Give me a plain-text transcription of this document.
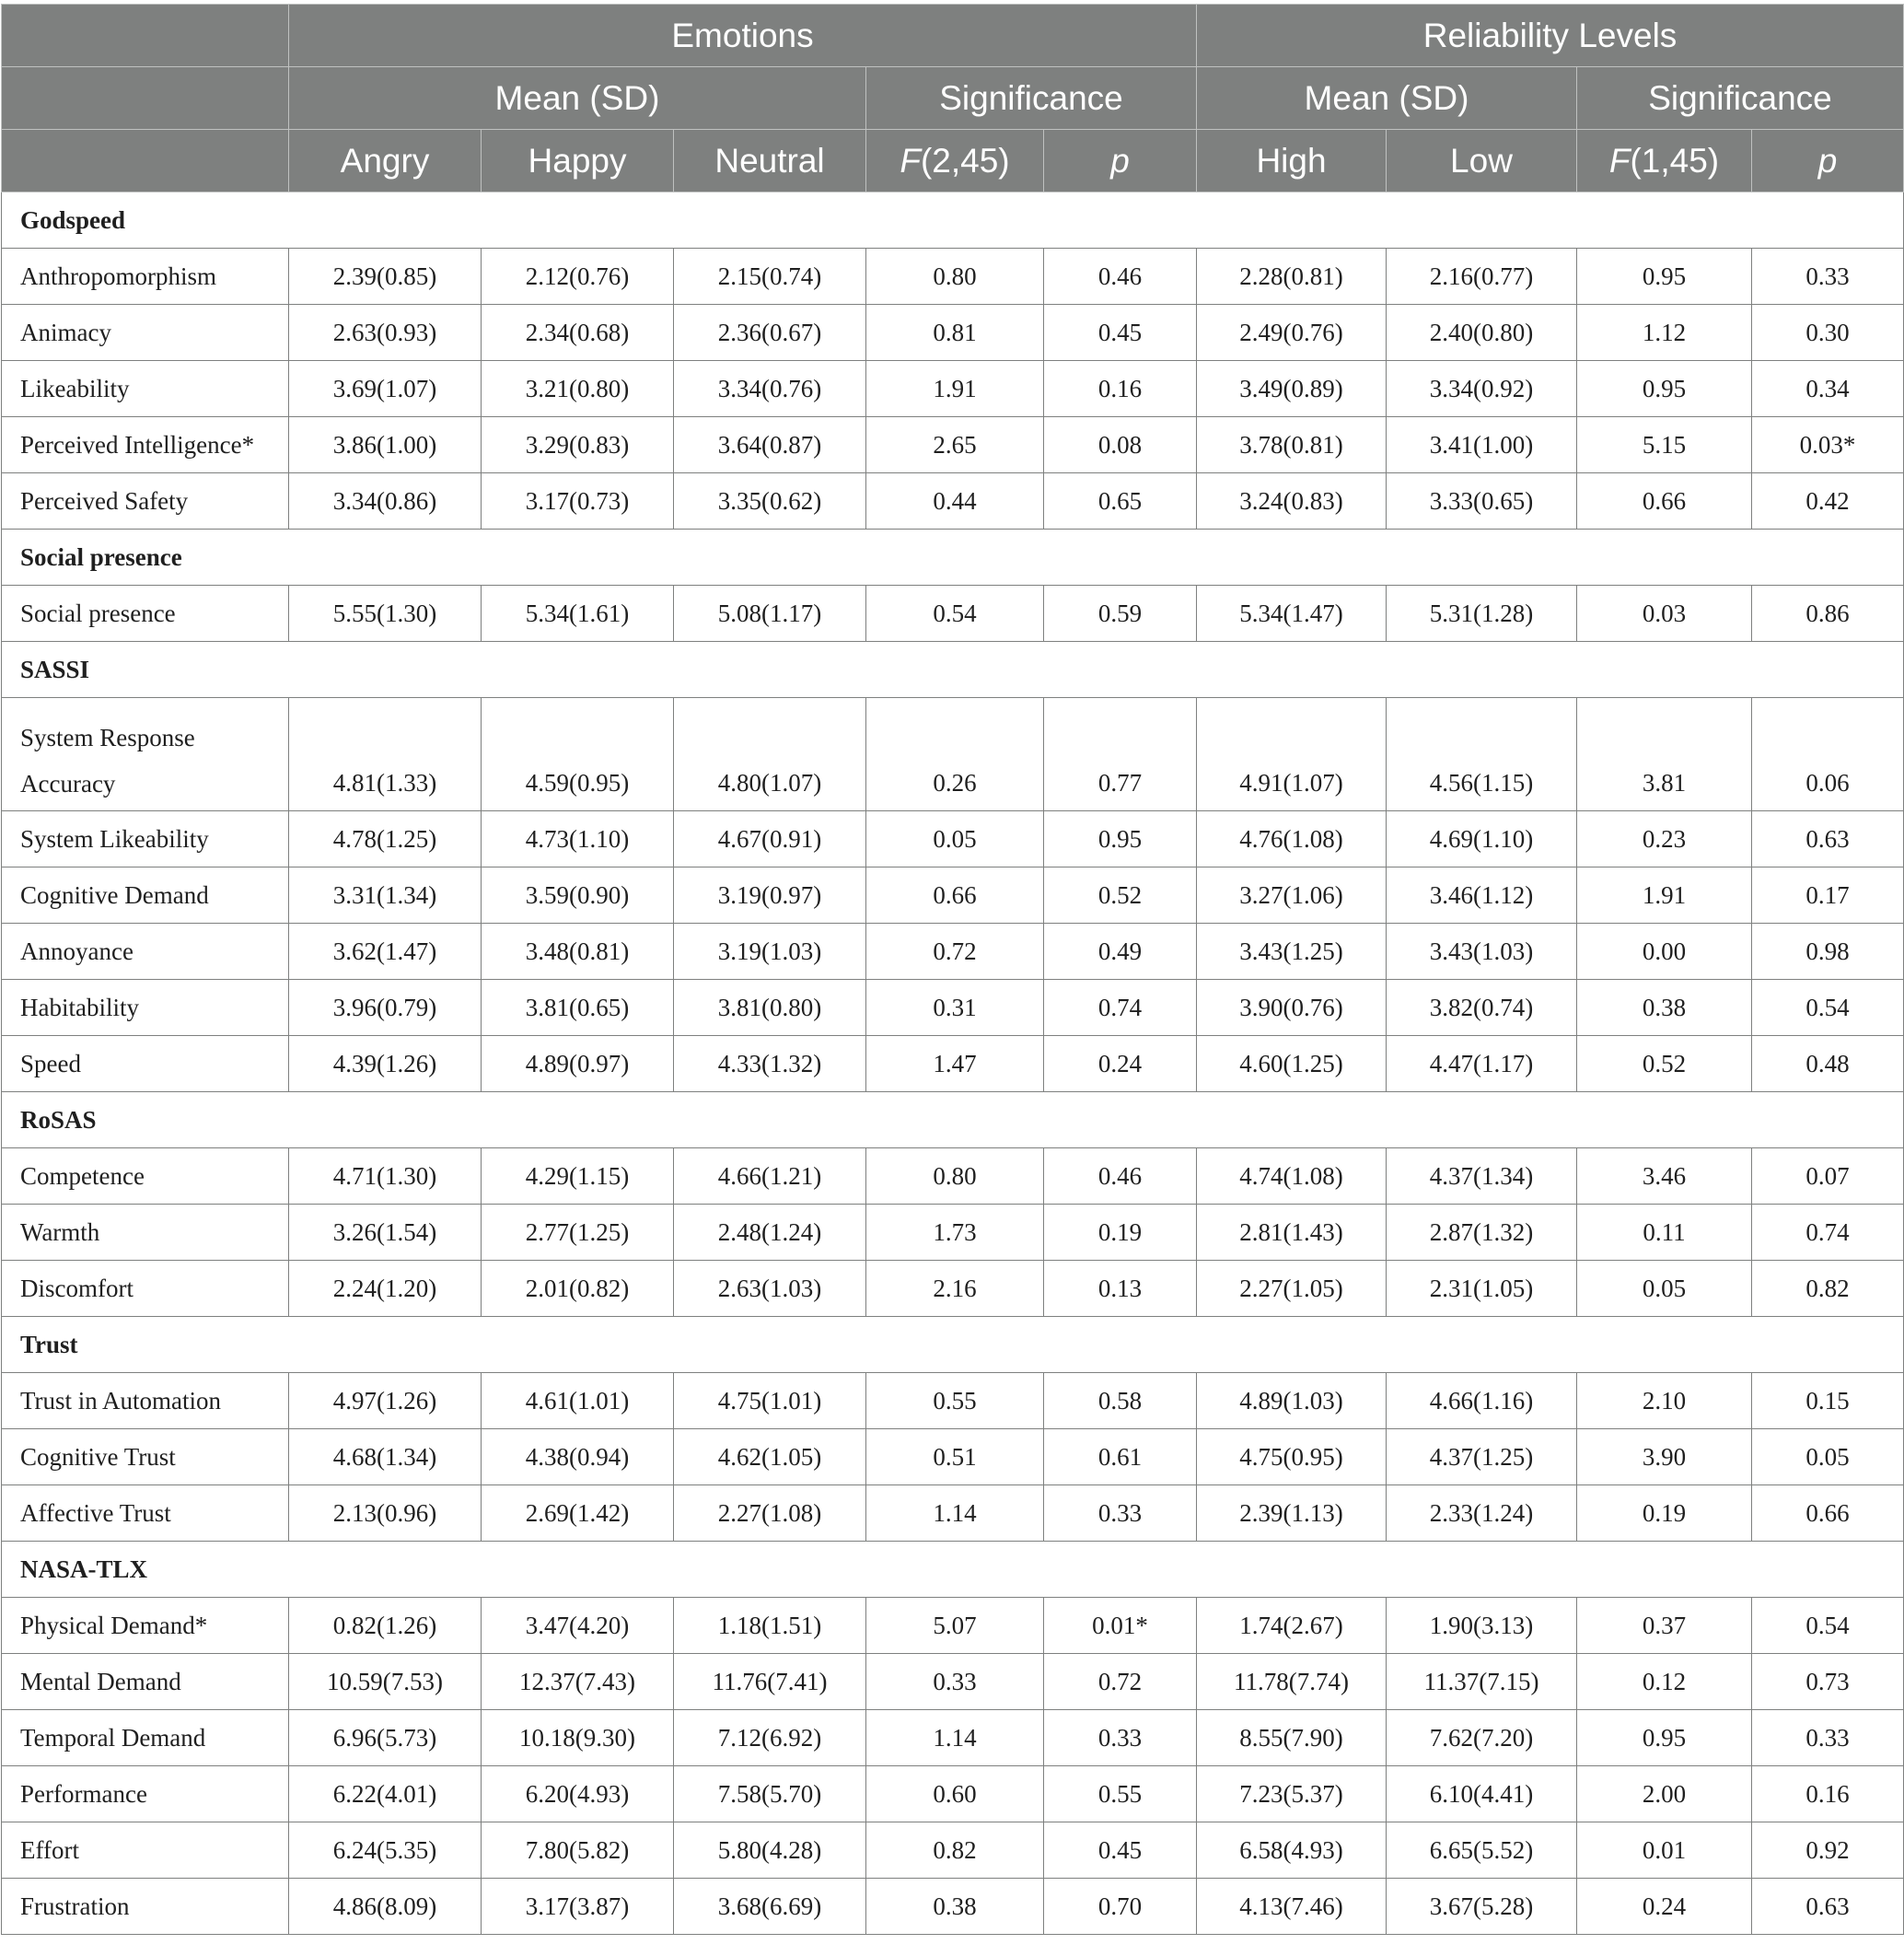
	Emotions					Reliability Levels			
	Mean (SD)			Significance		Mean (SD)		Significance	
	Angry	Happy	Neutral	F(2,45)	p	High	Low	F(1,45)	p
Godspeed									
Anthropomorphism	2.39(0.85)	2.12(0.76)	2.15(0.74)	0.80	0.46	2.28(0.81)	2.16(0.77)	0.95	0.33
Animacy	2.63(0.93)	2.34(0.68)	2.36(0.67)	0.81	0.45	2.49(0.76)	2.40(0.80)	1.12	0.30
Likeability	3.69(1.07)	3.21(0.80)	3.34(0.76)	1.91	0.16	3.49(0.89)	3.34(0.92)	0.95	0.34
Perceived Intelligence*	3.86(1.00)	3.29(0.83)	3.64(0.87)	2.65	0.08	3.78(0.81)	3.41(1.00)	5.15	0.03*
Perceived Safety	3.34(0.86)	3.17(0.73)	3.35(0.62)	0.44	0.65	3.24(0.83)	3.33(0.65)	0.66	0.42
Social presence									
Social presence	5.55(1.30)	5.34(1.61)	5.08(1.17)	0.54	0.59	5.34(1.47)	5.31(1.28)	0.03	0.86
SASSI									
System Response
Accuracy	4.81(1.33)	4.59(0.95)	4.80(1.07)	0.26	0.77	4.91(1.07)	4.56(1.15)	3.81	0.06
System Likeability	4.78(1.25)	4.73(1.10)	4.67(0.91)	0.05	0.95	4.76(1.08)	4.69(1.10)	0.23	0.63
Cognitive Demand	3.31(1.34)	3.59(0.90)	3.19(0.97)	0.66	0.52	3.27(1.06)	3.46(1.12)	1.91	0.17
Annoyance	3.62(1.47)	3.48(0.81)	3.19(1.03)	0.72	0.49	3.43(1.25)	3.43(1.03)	0.00	0.98
Habitability	3.96(0.79)	3.81(0.65)	3.81(0.80)	0.31	0.74	3.90(0.76)	3.82(0.74)	0.38	0.54
Speed	4.39(1.26)	4.89(0.97)	4.33(1.32)	1.47	0.24	4.60(1.25)	4.47(1.17)	0.52	0.48
RoSAS									
Competence	4.71(1.30)	4.29(1.15)	4.66(1.21)	0.80	0.46	4.74(1.08)	4.37(1.34)	3.46	0.07
Warmth	3.26(1.54)	2.77(1.25)	2.48(1.24)	1.73	0.19	2.81(1.43)	2.87(1.32)	0.11	0.74
Discomfort	2.24(1.20)	2.01(0.82)	2.63(1.03)	2.16	0.13	2.27(1.05)	2.31(1.05)	0.05	0.82
Trust									
Trust in Automation	4.97(1.26)	4.61(1.01)	4.75(1.01)	0.55	0.58	4.89(1.03)	4.66(1.16)	2.10	0.15
Cognitive Trust	4.68(1.34)	4.38(0.94)	4.62(1.05)	0.51	0.61	4.75(0.95)	4.37(1.25)	3.90	0.05
Affective Trust	2.13(0.96)	2.69(1.42)	2.27(1.08)	1.14	0.33	2.39(1.13)	2.33(1.24)	0.19	0.66
NASA-TLX									
Physical Demand*	0.82(1.26)	3.47(4.20)	1.18(1.51)	5.07	0.01*	1.74(2.67)	1.90(3.13)	0.37	0.54
Mental Demand	10.59(7.53)	12.37(7.43)	11.76(7.41)	0.33	0.72	11.78(7.74)	11.37(7.15)	0.12	0.73
Temporal Demand	6.96(5.73)	10.18(9.30)	7.12(6.92)	1.14	0.33	8.55(7.90)	7.62(7.20)	0.95	0.33
Performance	6.22(4.01)	6.20(4.93)	7.58(5.70)	0.60	0.55	7.23(5.37)	6.10(4.41)	2.00	0.16
Effort	6.24(5.35)	7.80(5.82)	5.80(4.28)	0.82	0.45	6.58(4.93)	6.65(5.52)	0.01	0.92
Frustration	4.86(8.09)	3.17(3.87)	3.68(6.69)	0.38	0.70	4.13(7.46)	3.67(5.28)	0.24	0.63
